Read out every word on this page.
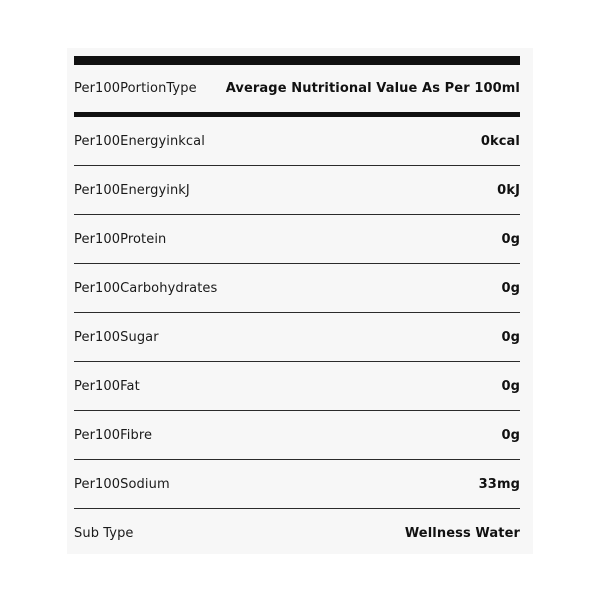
Per100PortionType Average Nutritional Value As Per 100ml
Per100Energyinkcal	0kcal
Per100EnergyinkJ	0kJ
Per100Protein	0g
Per100Carbohydrates	0g
Per100Sugar	0g
Per100Fat	0g
Per100Fibre	0g
Per100Sodium	33mg
Sub Type	Wellness Water
